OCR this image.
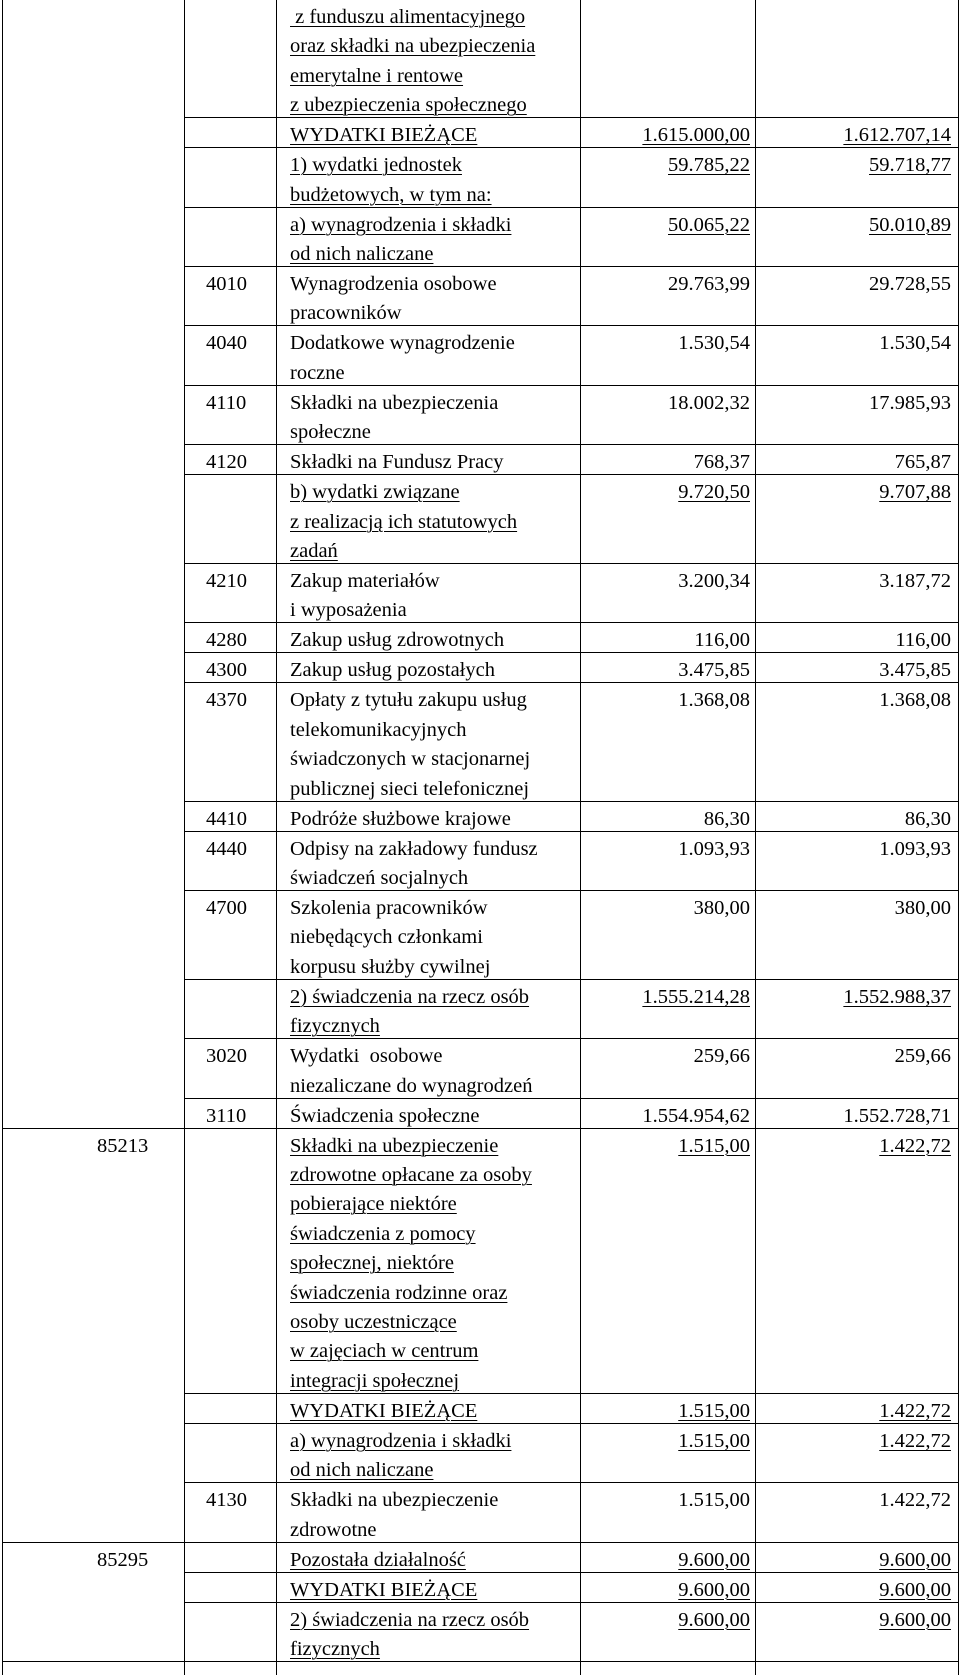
z funduszu alimentacyjnego
oraz składki na ubezpieczenia
emerytalne i rentowe
z ubezpieczenia społecznego
WYDATKI BIEŻĄCE	1.615.000,00	1.612.707,14
1) wydatki jednostek
budżetowych, w tym na:
59.785,22	59.718,77
a) wynagrodzenia i składki
od nich naliczane
50.065,22	50.010,89
4010 Wynagrodzenia osobowe
pracowników
29.763,99	29.728,55
4040 Dodatkowe wynagrodzenie
roczne
1.530,54	1.530,54
4110 Składki na ubezpieczenia
społeczne
18.002,32	17.985,93
4120 Składki na Fundusz Pracy	768,37	765,87
b) wydatki związane
z realizacją ich statutowych
zadań
9.720,50	9.707,88
4210 Zakup materiałów
i wyposażenia
3.200,34	3.187,72
4280 Zakup usług zdrowotnych	116,00	116,00
4300 Zakup usług pozostałych	3.475,85	3.475,85
4370 Opłaty z tytułu zakupu usług
telekomunikacyjnych
świadczonych w stacjonarnej
publicznej sieci telefonicznej
1.368,08	1.368,08
4410 Podróże służbowe krajowe	86,30	86,30
4440 Odpisy na zakładowy fundusz
świadczeń socjalnych
1.093,93	1.093,93
4700 Szkolenia pracowników
niebędących członkami
korpusu służby cywilnej
380,00	380,00
2) świadczenia na rzecz osób
fizycznych
1.555.214,28	1.552.988,37
3020 Wydatki  osobowe
niezaliczane do wynagrodzeń
259,66	259,66
3110 Świadczenia społeczne	1.554.954,62	1.552.728,71
85213	Składki na ubezpieczenie
zdrowotne opłacane za osoby
pobierające niektóre
świadczenia z pomocy
społecznej, niektóre
świadczenia rodzinne oraz
osoby uczestniczące
w zajęciach w centrum
integracji społecznej
1.515,00	1.422,72
WYDATKI BIEŻĄCE	1.515,00	1.422,72
a) wynagrodzenia i składki
od nich naliczane
1.515,00	1.422,72
4130 Składki na ubezpieczenie
zdrowotne
1.515,00	1.422,72
85295	Pozostała działalność	9.600,00	9.600,00
WYDATKI BIEŻĄCE	9.600,00	9.600,00
2) świadczenia na rzecz osób
fizycznych
9.600,00	9.600,00
